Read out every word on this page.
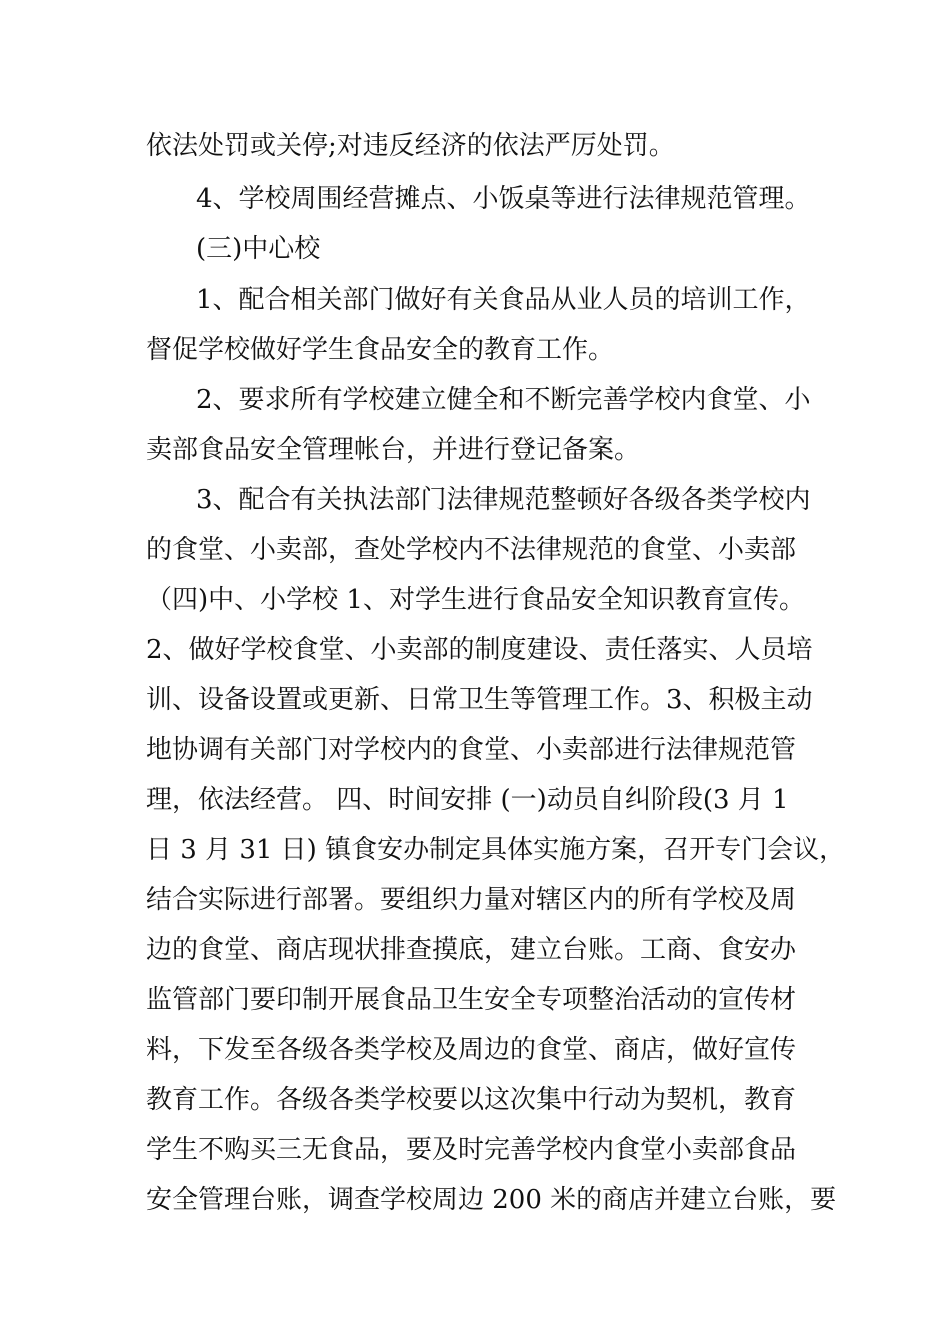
依法处罚或关停;对违反经济的依法严厉处罚。
4、学校周围经营摊点、小饭桌等进行法律规范管理。
(三)中心校
1、配合相关部门做好有关食品从业人员的培训工作，
督促学校做好学生食品安全的教育工作。
2、要求所有学校建立健全和不断完善学校内食堂、小
卖部食品安全管理帐台，并进行登记备案。
3、配合有关执法部门法律规范整顿好各级各类学校内
的食堂、小卖部，查处学校内不法律规范的食堂、小卖部
（四)中、小学校 1、对学生进行食品安全知识教育宣传。
2、做好学校食堂、小卖部的制度建设、责任落实、人员培
训、设备设置或更新、日常卫生等管理工作。3、积极主动
地协调有关部门对学校内的食堂、小卖部进行法律规范管
理，依法经营。 四、时间安排 (一)动员自纠阶段(3 月 1
日 3 月 31 日) 镇食安办制定具体实施方案，召开专门会议，
结合实际进行部署。要组织力量对辖区内的所有学校及周
边的食堂、商店现状排查摸底，建立台账。工商、食安办
监管部门要印制开展食品卫生安全专项整治活动的宣传材
料，下发至各级各类学校及周边的食堂、商店，做好宣传
教育工作。各级各类学校要以这次集中行动为契机，教育
学生不购买三无食品，要及时完善学校内食堂小卖部食品
安全管理台账，调查学校周边 200 米的商店并建立台账，要
